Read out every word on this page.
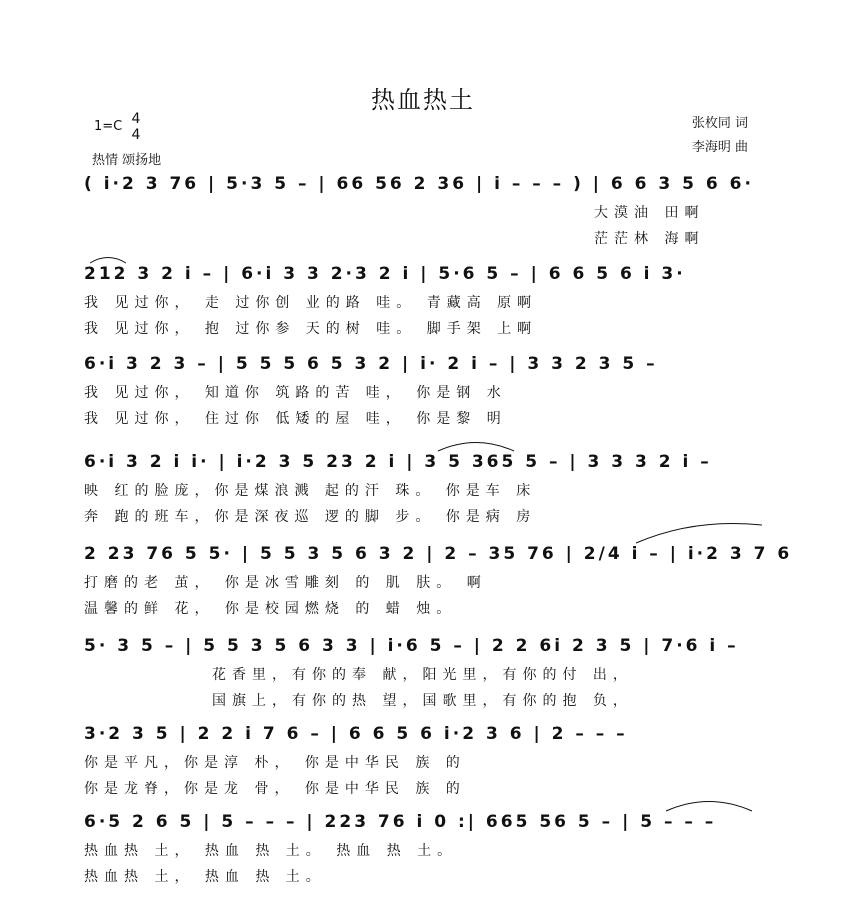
热血热土
1=C 4
4
热情 颂扬地
张枚同 词
李海明 曲
( i·2 3 76 | 5·3 5 – | 66 56 2 36 | i – – – ) | 6 6 3 5 6 6·
大漠油 田啊
茫茫林 海啊
212 3 2 i – | 6·i 3 3 2·3 2 i | 5·6 5 – | 6 6 5 6 i 3·
我 见过你， 走 过你创 业的路 哇。 青藏高 原啊
我 见过你， 抱 过你参 天的树 哇。 脚手架 上啊
6·i 3 2 3 – | 5 5 5 6 5 3 2 | i· 2 i – | 3 3 2 3 5 –
我 见过你， 知道你 筑路的苦 哇， 你是钢 水
我 见过你， 住过你 低矮的屋 哇， 你是黎 明
6·i 3 2 i i· | i·2 3 5 23 2 i | 3 5 365 5 – | 3 3 3 2 i –
映 红的脸庞，你是煤浪溅 起的汗 珠。 你是车 床
奔 跑的班车，你是深夜巡 逻的脚 步。 你是病 房
2 23 76 5 5· | 5 5 3 5 6 3 2 | 2 – 35 76 | 2/4 i – | i·2 3 7 6
打磨的老 茧， 你是冰雪雕刻 的 肌 肤。 啊
温馨的鲜 花， 你是校园燃烧 的 蜡 烛。
5· 3 5 – | 5 5 3 5 6 3 3 | i·6 5 – | 2 2 6i 2 3 5 | 7·6 i –
花香里，有你的奉 献，阳光里，有你的付 出，
国旗上，有你的热 望，国歌里，有你的抱 负，
3·2 3 5 | 2 2 i 7 6 – | 6 6 5 6 i·2 3 6 | 2 – – –
你是平凡，你是淳 朴， 你是中华民 族 的
你是龙脊，你是龙 骨， 你是中华民 族 的
6·5 2 6 5 | 5 – – – | 223 76 i 0 :| 665 56 5 – | 5 – – –
热血热 土， 热血 热 土。 热血 热 土。
热血热 土， 热血 热 土。
